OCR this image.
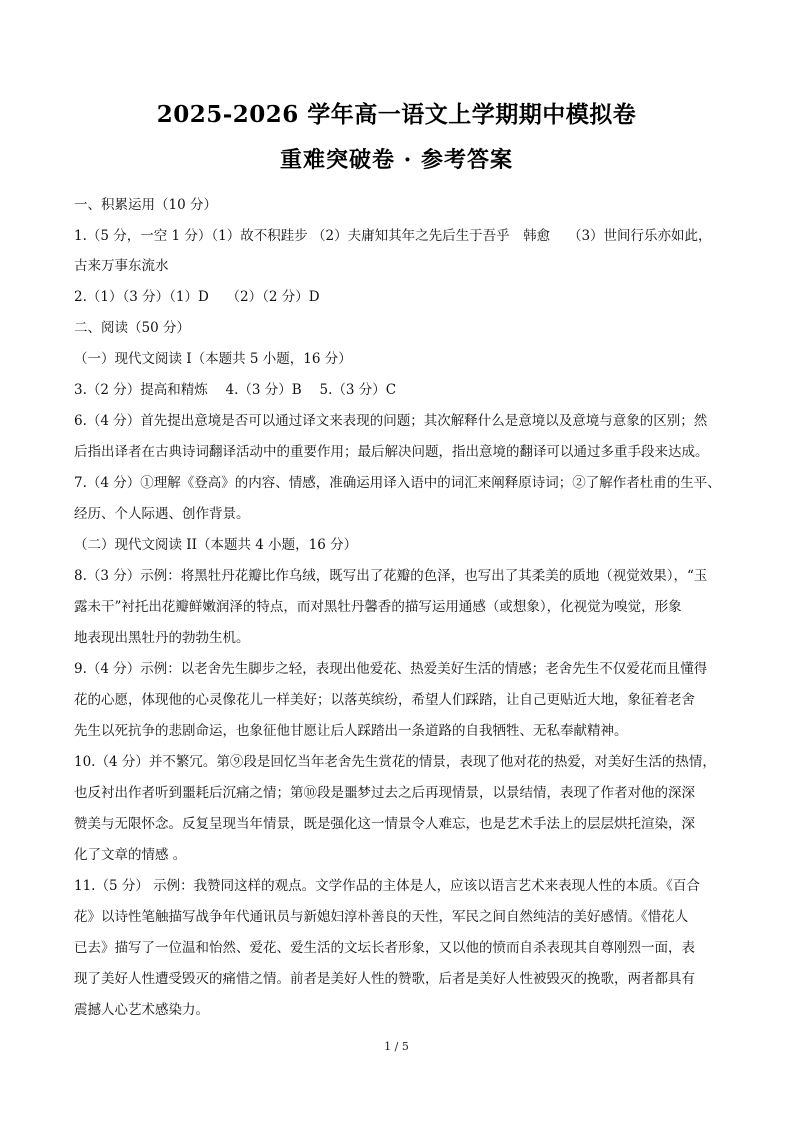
2025-2026 学年高一语文上学期期中模拟卷
重难突破卷 · 参考答案
一、积累运用（10 分）
1.（5 分，一空 1 分）（1）故不积跬步 （2）夫庸知其年之先后生于吾乎　韩愈　 （3）世间行乐亦如此，
古来万事东流水
2.（1）（3 分）（1）D　 （2）（2 分）D
二、阅读（50 分）
（一）现代文阅读 I（本题共 5 小题，16 分）
3.（2 分）提高和精炼　 4.（3 分）B　 5.（3 分）C
6.（4 分）首先提出意境是否可以通过译文来表现的问题；其次解释什么是意境以及意境与意象的区别；然
后指出译者在古典诗词翻译活动中的重要作用；最后解决问题，指出意境的翻译可以通过多重手段来达成。
7.（4 分）①理解《登高》的内容、情感，准确运用译入语中的词汇来阐释原诗词；②了解作者杜甫的生平、
经历、个人际遇、创作背景。
（二）现代文阅读 II（本题共 4 小题，16 分）
8.（3 分）示例：将黑牡丹花瓣比作乌绒，既写出了花瓣的色泽，也写出了其柔美的质地（视觉效果），“玉
露未干”衬托出花瓣鲜嫩润泽的特点，而对黑牡丹馨香的描写运用通感（或想象），化视觉为嗅觉，形象
地表现出黑牡丹的勃勃生机。
9.（4 分）示例：以老舍先生脚步之轻，表现出他爱花、热爱美好生活的情感；老舍先生不仅爱花而且懂得
花的心愿，体现他的心灵像花儿一样美好；以落英缤纷，希望人们踩踏，让自己更贴近大地，象征着老舍
先生以死抗争的悲剧命运，也象征他甘愿让后人踩踏出一条道路的自我牺牲、无私奉献精神。
10.（4 分）并不繁冗。第⑨段是回忆当年老舍先生赏花的情景，表现了他对花的热爱，对美好生活的热情，
也反衬出作者听到噩耗后沉痛之情；第⑩段是噩梦过去之后再现情景，以景结情，表现了作者对他的深深
赞美与无限怀念。反复呈现当年情景，既是强化这一情景令人难忘，也是艺术手法上的层层烘托渲染，深
化了文章的情感 。
11.（5 分） 示例：我赞同这样的观点。文学作品的主体是人，应该以语言艺术来表现人性的本质。《百合
花》以诗性笔触描写战争年代通讯员与新媳妇淳朴善良的天性，军民之间自然纯洁的美好感情。《惜花人
已去》描写了一位温和怡然、爱花、爱生活的文坛长者形象，又以他的愤而自杀表现其自尊刚烈一面，表
现了美好人性遭受毁灭的痛惜之情。前者是美好人性的赞歌，后者是美好人性被毁灭的挽歌，两者都具有
震撼人心艺术感染力。
1 / 5
